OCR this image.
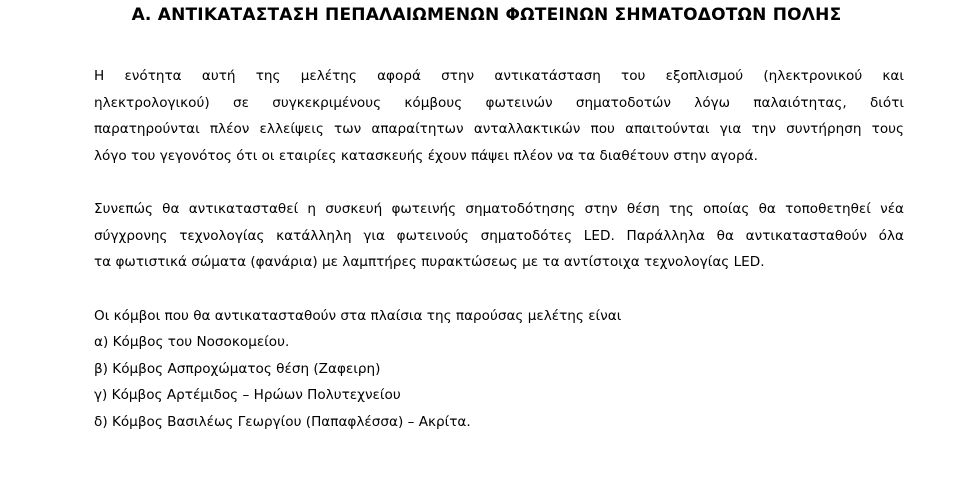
Α. ΑΝΤΙΚΑΤΑΣΤΑΣΗ ΠΕΠΑΛΑΙΩΜΕΝΩΝ ΦΩΤΕΙΝΩΝ ΣΗΜΑΤΟΔΟΤΩΝ ΠΟΛΗΣ
Η ενότητα αυτή της μελέτης αφορά στην αντικατάσταση του εξοπλισμού (ηλεκτρονικού και
ηλεκτρολογικού) σε συγκεκριμένους κόμβους φωτεινών σηματοδοτών λόγω παλαιότητας, διότι
παρατηρούνται πλέον ελλείψεις των απαραίτητων ανταλλακτικών που απαιτούνται για την συντήρηση τους
λόγο του γεγονότος ότι οι εταιρίες κατασκευής έχουν πάψει πλέον να τα διαθέτουν στην αγορά.
Συνεπώς θα αντικατασταθεί η συσκευή φωτεινής σηματοδότησης στην θέση της οποίας θα τοποθετηθεί νέα
σύγχρονης τεχνολογίας κατάλληλη για φωτεινούς σηματοδότες LED. Παράλληλα θα αντικατασταθούν όλα
τα φωτιστικά σώματα (φανάρια) με λαμπτήρες πυρακτώσεως με τα αντίστοιχα τεχνολογίας LED.
Οι κόμβοι που θα αντικατασταθούν στα πλαίσια της παρούσας μελέτης είναι
α) Κόμβος του Νοσοκομείου.
β) Κόμβος Ασπροχώματος θέση (Ζαφειρη)
γ) Κόμβος Αρτέμιδος – Ηρώων Πολυτεχνείου
δ) Κόμβος Βασιλέως Γεωργίου (Παπαφλέσσα) – Ακρίτα.
